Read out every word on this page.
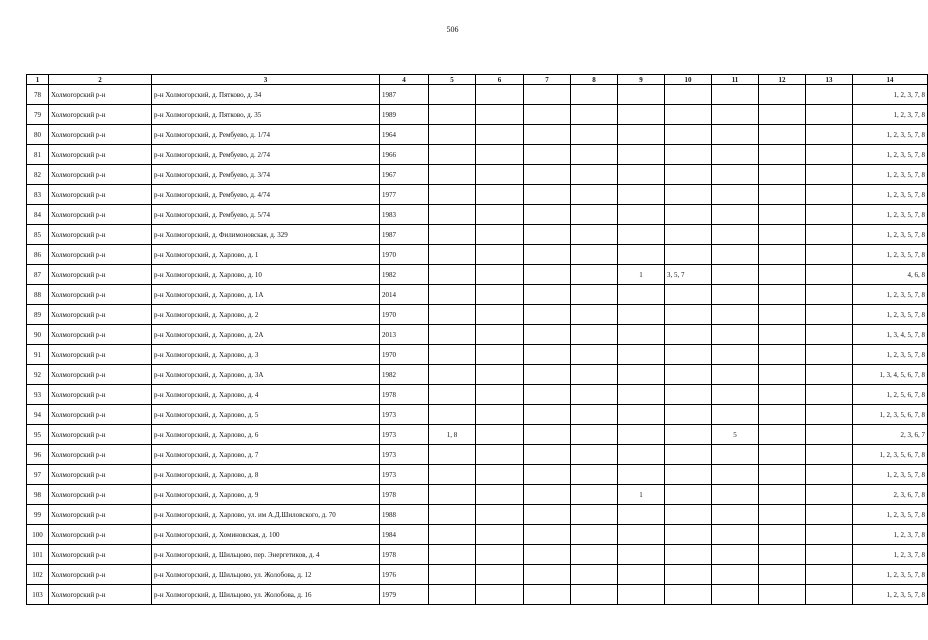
506
1	2	3	4	5	6	7	8	9	10	11	12	13	14
78	Холмогорский р-н	р-н Холмогорский, д. Пятково, д. 34	1987										1, 2, 3, 7, 8
79	Холмогорский р-н	р-н Холмогорский, д. Пятково, д. 35	1989										1, 2, 3, 7, 8
80	Холмогорский р-н	р-н Холмогорский, д. Рембуево, д. 1/74	1964										1, 2, 3, 5, 7, 8
81	Холмогорский р-н	р-н Холмогорский, д. Рембуево, д. 2/74	1966										1, 2, 3, 5, 7, 8
82	Холмогорский р-н	р-н Холмогорский, д. Рембуево, д. 3/74	1967										1, 2, 3, 5, 7, 8
83	Холмогорский р-н	р-н Холмогорский, д. Рембуево, д. 4/74	1977										1, 2, 3, 5, 7, 8
84	Холмогорский р-н	р-н Холмогорский, д. Рембуево, д. 5/74	1983										1, 2, 3, 5, 7, 8
85	Холмогорский р-н	р-н Холмогорский, д. Филимоновская, д. 329	1987										1, 2, 3, 5, 7, 8
86	Холмогорский р-н	р-н Холмогорский, д. Харлово, д. 1	1970										1, 2, 3, 5, 7, 8
87	Холмогорский р-н	р-н Холмогорский, д. Харлово, д. 10	1982					1	3, 5, 7				4, 6, 8
88	Холмогорский р-н	р-н Холмогорский, д. Харлово, д. 1А	2014										1, 2, 3, 5, 7, 8
89	Холмогорский р-н	р-н Холмогорский, д. Харлово, д. 2	1970										1, 2, 3, 5, 7, 8
90	Холмогорский р-н	р-н Холмогорский, д. Харлово, д. 2А	2013										1, 3, 4, 5, 7, 8
91	Холмогорский р-н	р-н Холмогорский, д. Харлово, д. 3	1970										1, 2, 3, 5, 7, 8
92	Холмогорский р-н	р-н Холмогорский, д. Харлово, д. 3А	1982										1, 3, 4, 5, 6, 7, 8
93	Холмогорский р-н	р-н Холмогорский, д. Харлово, д. 4	1978										1, 2, 5, 6, 7, 8
94	Холмогорский р-н	р-н Холмогорский, д. Харлово, д. 5	1973										1, 2, 3, 5, 6, 7, 8
95	Холмогорский р-н	р-н Холмогорский, д. Харлово, д. 6	1973	1, 8						5			2, 3, 6, 7
96	Холмогорский р-н	р-н Холмогорский, д. Харлово, д. 7	1973										1, 2, 3, 5, 6, 7, 8
97	Холмогорский р-н	р-н Холмогорский, д. Харлово, д. 8	1973										1, 2, 3, 5, 7, 8
98	Холмогорский р-н	р-н Холмогорский, д. Харлово, д. 9	1978					1					2, 3, 6, 7, 8
99	Холмогорский р-н	р-н Холмогорский, д. Харлово, ул. им А.Д.Шиловского, д. 70	1988										1, 2, 3, 5, 7, 8
100	Холмогорский р-н	р-н Холмогорский, д. Хоминовская, д. 100	1984										1, 2, 3, 7, 8
101	Холмогорский р-н	р-н Холмогорский, д. Шильцово, пер. Энергетиков, д. 4	1978										1, 2, 3, 7, 8
102	Холмогорский р-н	р-н Холмогорский, д. Шильцово, ул. Жолобова, д. 12	1976										1, 2, 3, 5, 7, 8
103	Холмогорский р-н	р-н Холмогорский, д. Шильцово, ул. Жолобова, д. 16	1979										1, 2, 3, 5, 7, 8
